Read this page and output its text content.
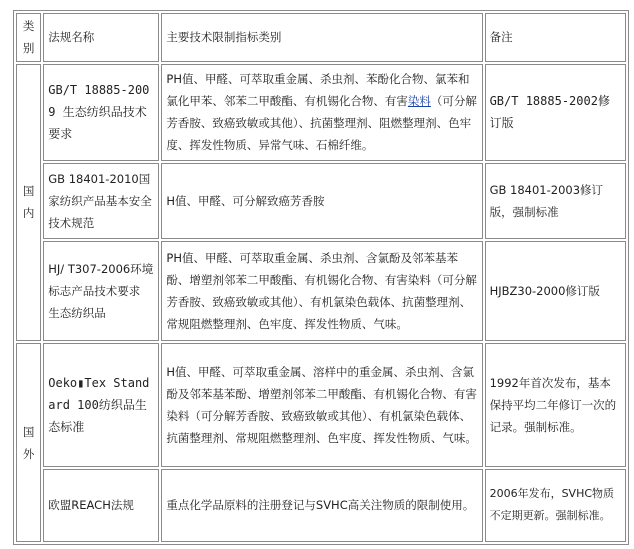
类别	法规名称	主要技术限制指标类别	备注
国内	GB/T 18885-2009 生态纺织品技术要求	PH值、甲醛、可萃取重金属、杀虫剂、苯酚化合物、氯苯和氯化甲苯、邻苯二甲酸酯、有机锡化合物、有害染料（可分解芳香胺、致癌致敏或其他）、抗菌整理剂、阻燃整理剂、色牢度、挥发性物质、异常气味、石棉纤维。	GB/T 18885-2002修订版
	GB 18401-2010国家纺织产品基本安全技术规范	H值、甲醛、可分解致癌芳香胺	GB 18401-2003修订版，强制标准
	HJ/ T307-2006环境标志产品技术要求 生态纺织品	PH值、甲醛、可萃取重金属、杀虫剂、含氯酚及邻苯基苯酚、增塑剂邻苯二甲酸酯、有机锡化合物、有害染料（可分解芳香胺、致癌致敏或其他）、有机氯染色载体、抗菌整理剂、常规阻燃整理剂、色牢度、挥发性物质、气味。	HJBZ30-2000修订版
国外	Oeko▮Tex Standard 100纺织品生态标准	H值、甲醛、可萃取重金属、溶样中的重金属、杀虫剂、含氯酚及邻苯基苯酚、增塑剂邻苯二甲酸酯、有机锡化合物、有害染料（可分解芳香胺、致癌致敏或其他）、有机氯染色载体、抗菌整理剂、常规阻燃整理剂、色牢度、挥发性物质、气味。	1992年首次发布，基本保持平均二年修订一次的记录。强制标准。
	欧盟REACH法规	重点化学品原料的注册登记与SVHC高关注物质的限制使用。	2006年发布，SVHC物质不定期更新。强制标准。
